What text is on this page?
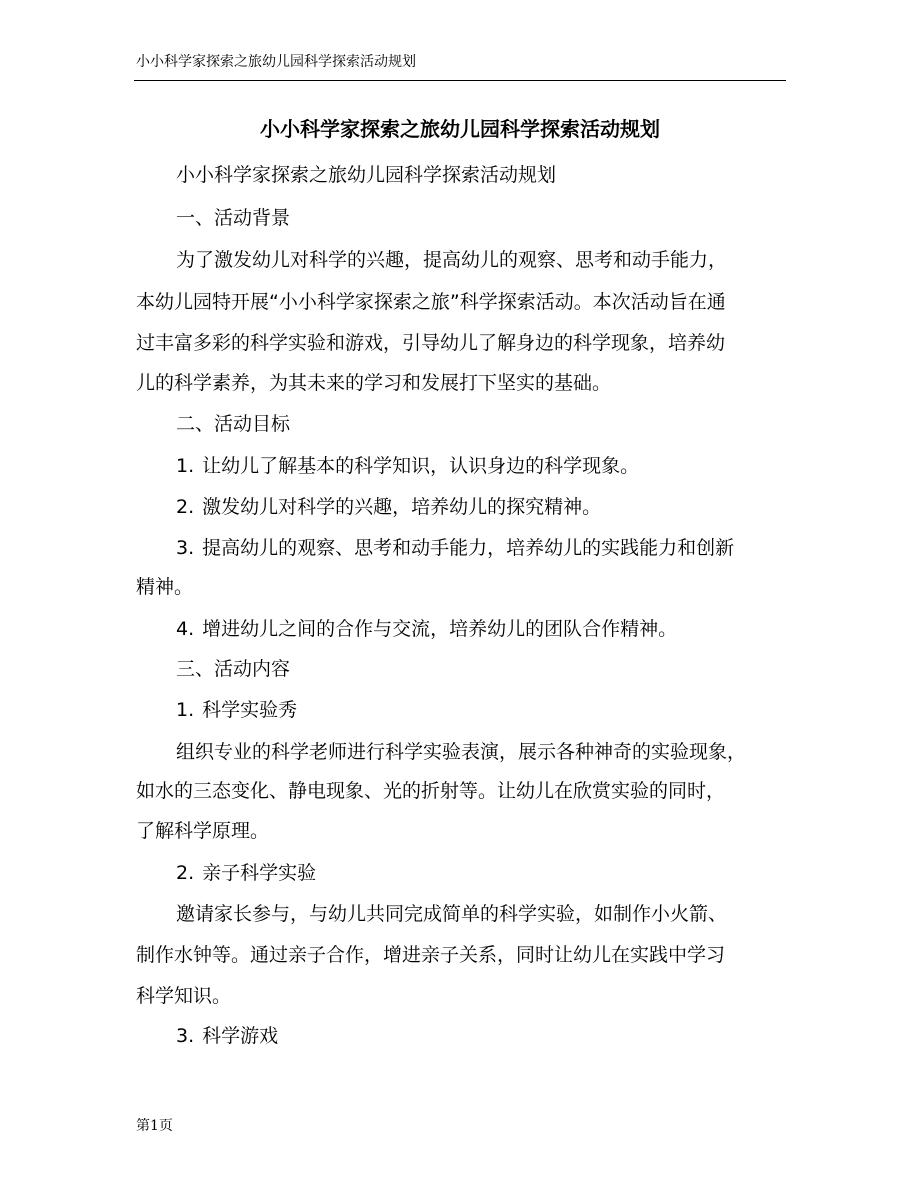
小小科学家探索之旅幼儿园科学探索活动规划
小小科学家探索之旅幼儿园科学探索活动规划
小小科学家探索之旅幼儿园科学探索活动规划
一、活动背景
为了激发幼儿对科学的兴趣，提高幼儿的观察、思考和动手能力，
本幼儿园特开展“小小科学家探索之旅”科学探索活动。本次活动旨在通
过丰富多彩的科学实验和游戏，引导幼儿了解身边的科学现象，培养幼
儿的科学素养，为其未来的学习和发展打下坚实的基础。
二、活动目标
1. 让幼儿了解基本的科学知识，认识身边的科学现象。
2. 激发幼儿对科学的兴趣，培养幼儿的探究精神。
3. 提高幼儿的观察、思考和动手能力，培养幼儿的实践能力和创新
精神。
4. 增进幼儿之间的合作与交流，培养幼儿的团队合作精神。
三、活动内容
1. 科学实验秀
组织专业的科学老师进行科学实验表演，展示各种神奇的实验现象，
如水的三态变化、静电现象、光的折射等。让幼儿在欣赏实验的同时，
了解科学原理。
2. 亲子科学实验
邀请家长参与，与幼儿共同完成简单的科学实验，如制作小火箭、
制作水钟等。通过亲子合作，增进亲子关系，同时让幼儿在实践中学习
科学知识。
3. 科学游戏
第1页
